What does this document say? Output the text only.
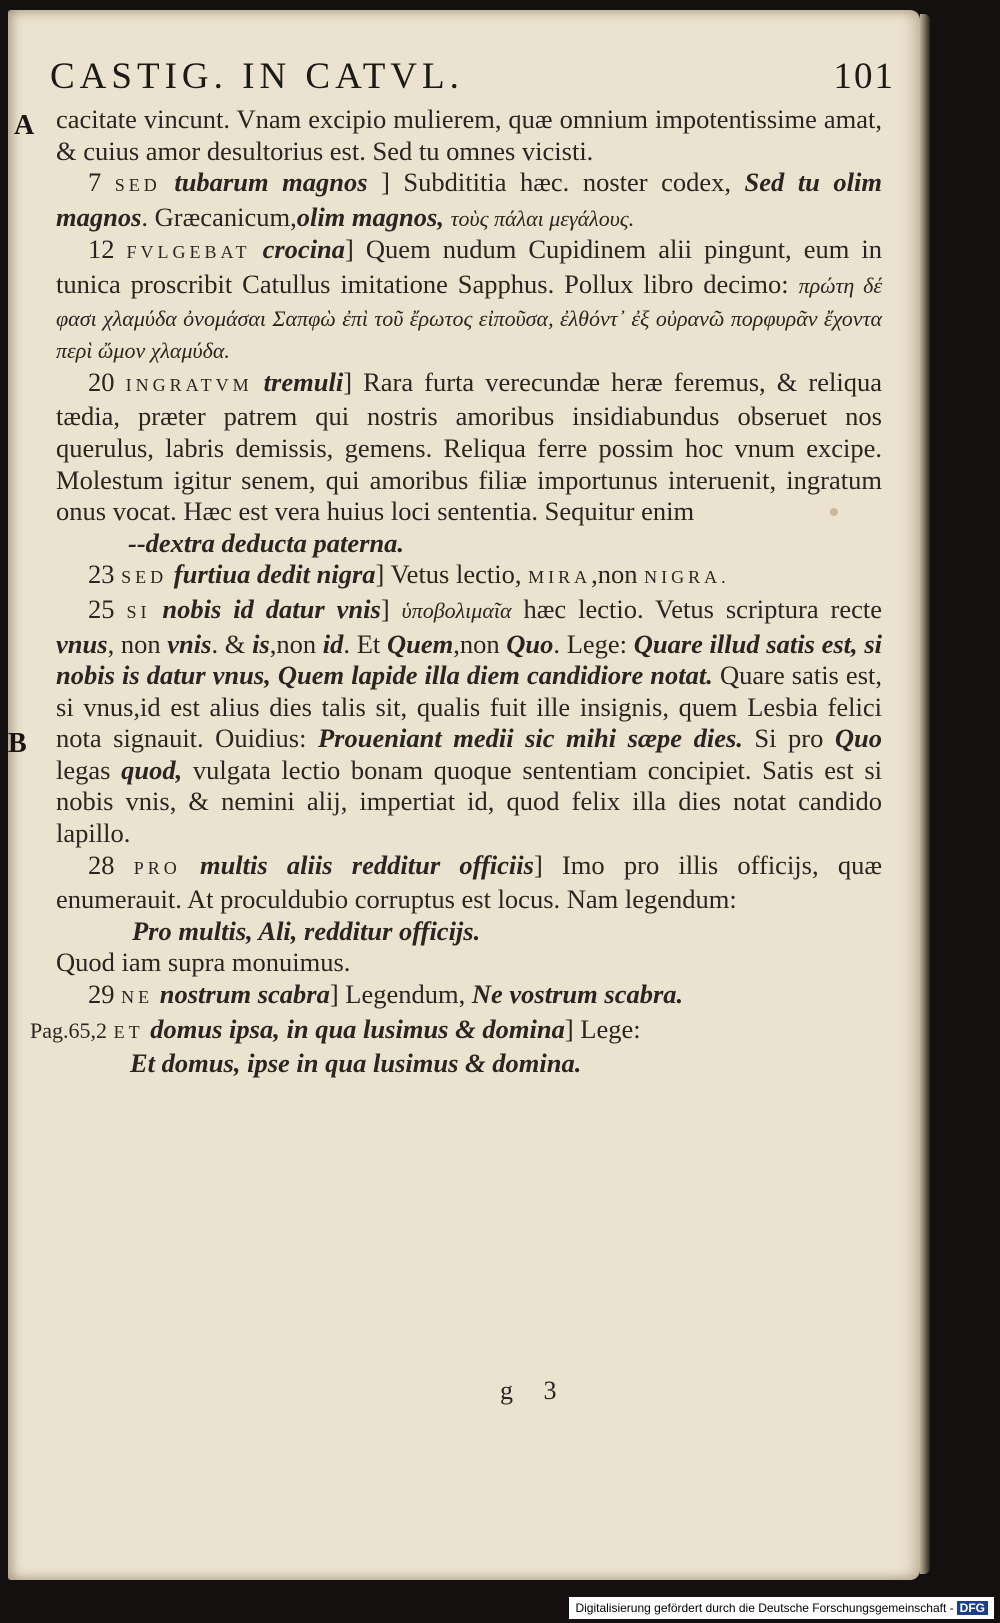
CASTIG. IN CATVL.	101
A
B

cacitate vincunt. Vnam excipio mulierem, quæ omnium impotentissime amat, & cuius amor desultorius est. Sed tu omnes vicisti.

7 SED tubarum magnos ] Subdititia hæc. noster codex, Sed tu olim magnos. Græcanicum,olim magnos, τοὺς πάλαι μεγάλους.

12 FVLGEBAT crocina] Quem nudum Cupidinem alii pingunt, eum in tunica proscribit Catullus imitatione Sapphus. Pollux libro decimo: πρώτη δέ φασι χλαμύδα ὀνομάσαι Σαπφὼ ἐπὶ τοῦ ἔρωτος εἰποῦσα, ἐλθόντ᾽ ἐξ οὐρανῶ πορφυρᾶν ἔχοντα περὶ ὤμον χλαμύδα.

20 INGRATVM tremuli] Rara furta verecundæ heræ feremus, & reliqua tædia, præter patrem qui nostris amoribus insidiabundus obseruet nos querulus, labris demissis, gemens. Reliqua ferre possim hoc vnum excipe. Molestum igitur senem, qui amoribus filiæ importunus interuenit, ingratum onus vocat. Hæc est vera huius loci sententia. Sequitur enim

--dextra deducta paterna.

23 SED furtiua dedit nigra] Vetus lectio, MIRA,non NIGRA.

25 SI nobis id datur vnis] ὑποβολιμαῖα hæc lectio. Vetus scriptura recte vnus, non vnis. & is,non id. Et Quem,non Quo. Lege: Quare illud satis est, si nobis is datur vnus, Quem lapide illa diem candidiore notat. Quare satis est, si vnus,id est alius dies talis sit, qualis fuit ille insignis, quem Lesbia felici nota signauit. Ouidius: Proueniant medii sic mihi sæpe dies. Si pro Quo legas quod, vulgata lectio bonam quoque sententiam concipiet. Satis est si nobis vnis, & nemini alij, impertiat id, quod felix illa dies notat candido lapillo.

28 PRO multis aliis redditur officiis] Imo pro illis officijs, quæ enumerauit. At proculdubio corruptus est locus. Nam legendum:

Pro multis, Ali, redditur officijs.

Quod iam supra monuimus.

29 NE nostrum scabra] Legendum, Ne vostrum scabra.

Pag.65,2 ET domus ipsa, in qua lusimus & domina] Lege:

Et domus, ipse in qua lusimus & domina.

g 3
Digitalisierung gefördert durch die Deutsche Forschungsgemeinschaft - DFG
